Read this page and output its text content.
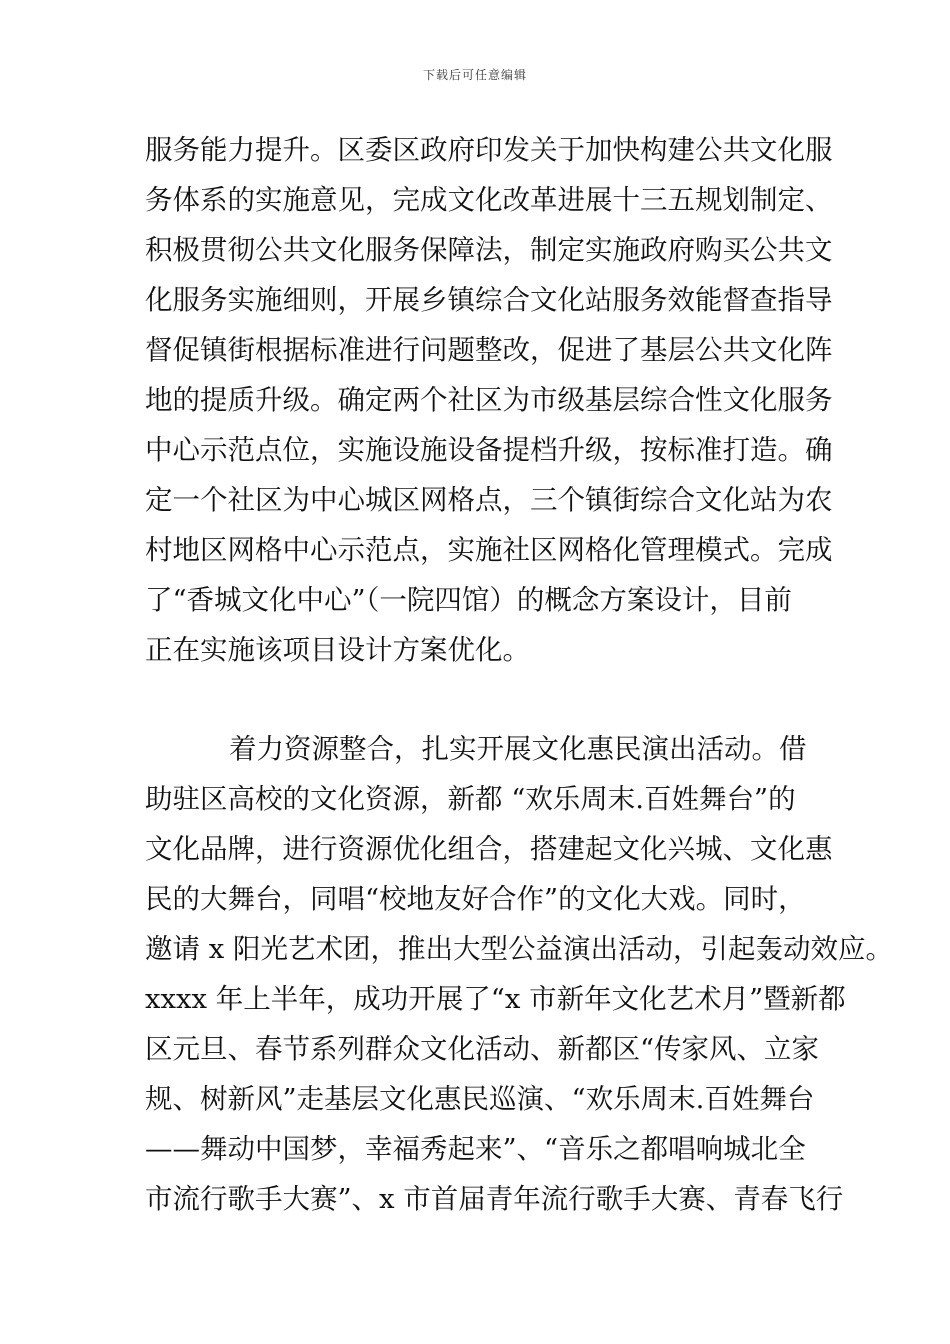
下载后可任意编辑
服务能力提升。区委区政府印发关于加快构建公共文化服
务体系的实施意见，完成文化改革进展十三五规划制定、
积极贯彻公共文化服务保障法，制定实施政府购买公共文
化服务实施细则，开展乡镇综合文化站服务效能督查指导
督促镇街根据标准进行问题整改，促进了基层公共文化阵
地的提质升级。确定两个社区为市级基层综合性文化服务
中心示范点位，实施设施设备提档升级，按标准打造。确
定一个社区为中心城区网格点，三个镇街综合文化站为农
村地区网格中心示范点，实施社区网格化管理模式。完成
了“香城文化中心”（一院四馆）的概念方案设计，目前
正在实施该项目设计方案优化。
着力资源整合，扎实开展文化惠民演出活动。借
助驻区高校的文化资源，新都 “欢乐周末.百姓舞台”的
文化品牌，进行资源优化组合，搭建起文化兴城、文化惠
民的大舞台，同唱“校地友好合作”的文化大戏。同时，
邀请 x 阳光艺术团，推出大型公益演出活动，引起轰动效应。
xxxx 年上半年，成功开展了“x 市新年文化艺术月”暨新都
区元旦、春节系列群众文化活动、新都区“传家风、立家
规、树新风”走基层文化惠民巡演、“欢乐周末.百姓舞台
——舞动中国梦，幸福秀起来”、“音乐之都唱响城北全
市流行歌手大赛”、x 市首届青年流行歌手大赛、青春飞行
